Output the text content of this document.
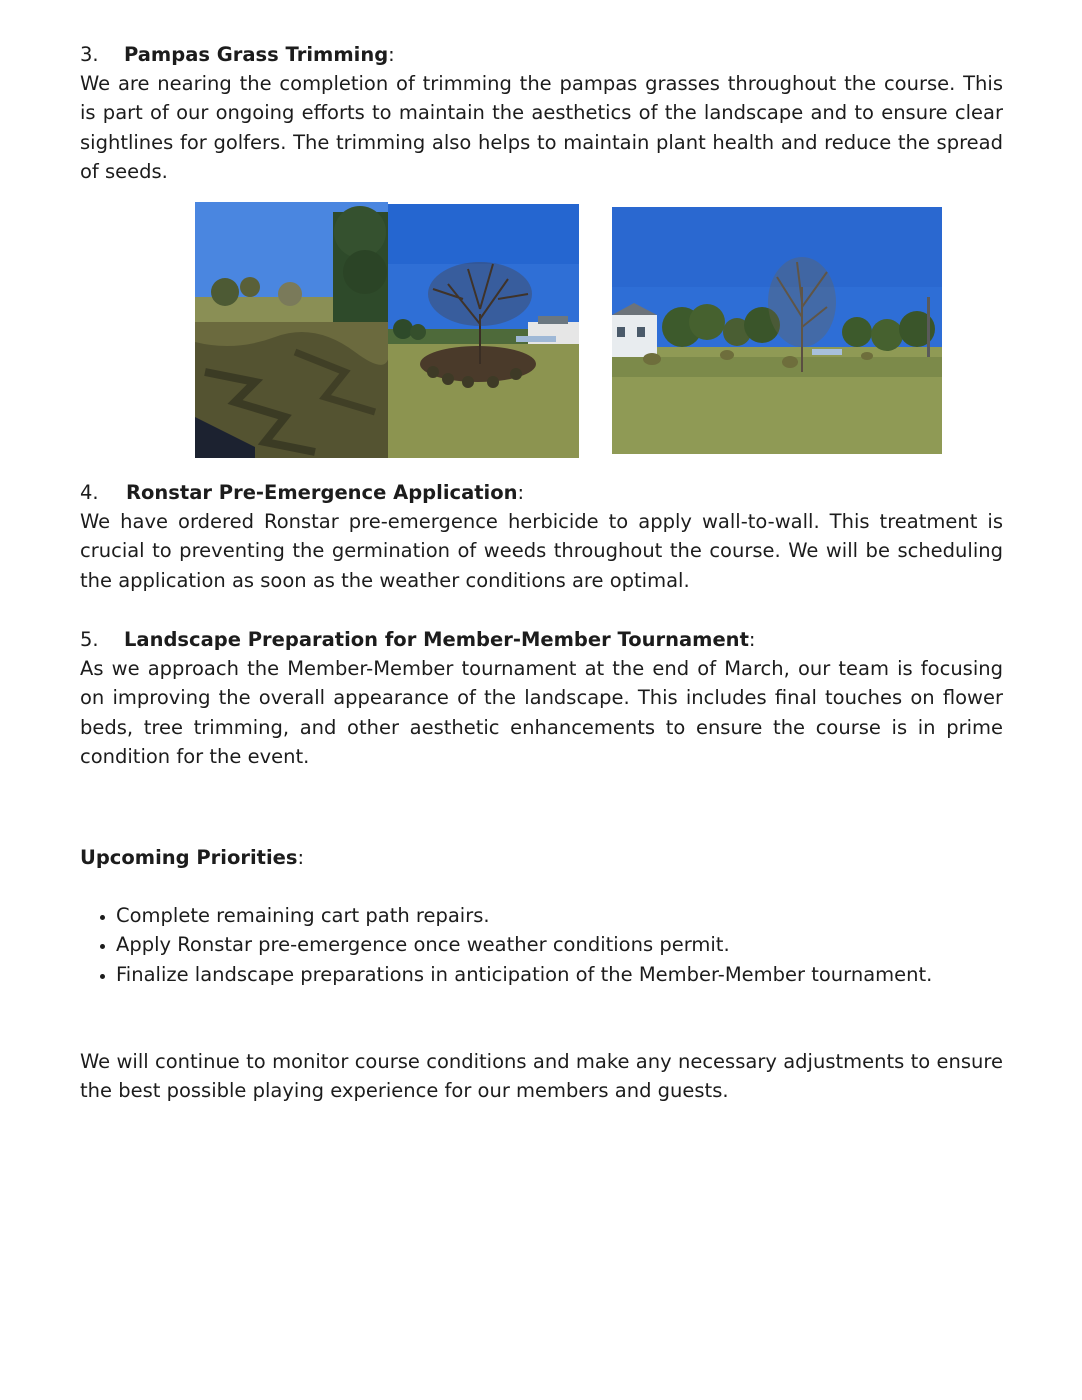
3. Pampas Grass Trimming:

We are nearing the completion of trimming the pampas grasses throughout the course. This is part of our ongoing efforts to maintain the aesthetics of the landscape and to ensure clear sightlines for golfers. The trimming also helps to maintain plant health and reduce the spread of seeds.

4. Ronstar Pre-Emergence Application:

We have ordered Ronstar pre-emergence herbicide to apply wall-to-wall. This treatment is crucial to preventing the germination of weeds throughout the course. We will be scheduling the application as soon as the weather conditions are optimal.

5. Landscape Preparation for Member-Member Tournament:

As we approach the Member-Member tournament at the end of March, our team is focusing on improving the overall appearance of the landscape. This includes final touches on flower beds, tree trimming, and other aesthetic enhancements to ensure the course is in prime condition for the event.

Upcoming Priorities:
• Complete remaining cart path repairs.
• Apply Ronstar pre-emergence once weather conditions permit.
• Finalize landscape preparations in anticipation of the Member-Member tournament.

We will continue to monitor course conditions and make any necessary adjustments to ensure the best possible playing experience for our members and guests.
